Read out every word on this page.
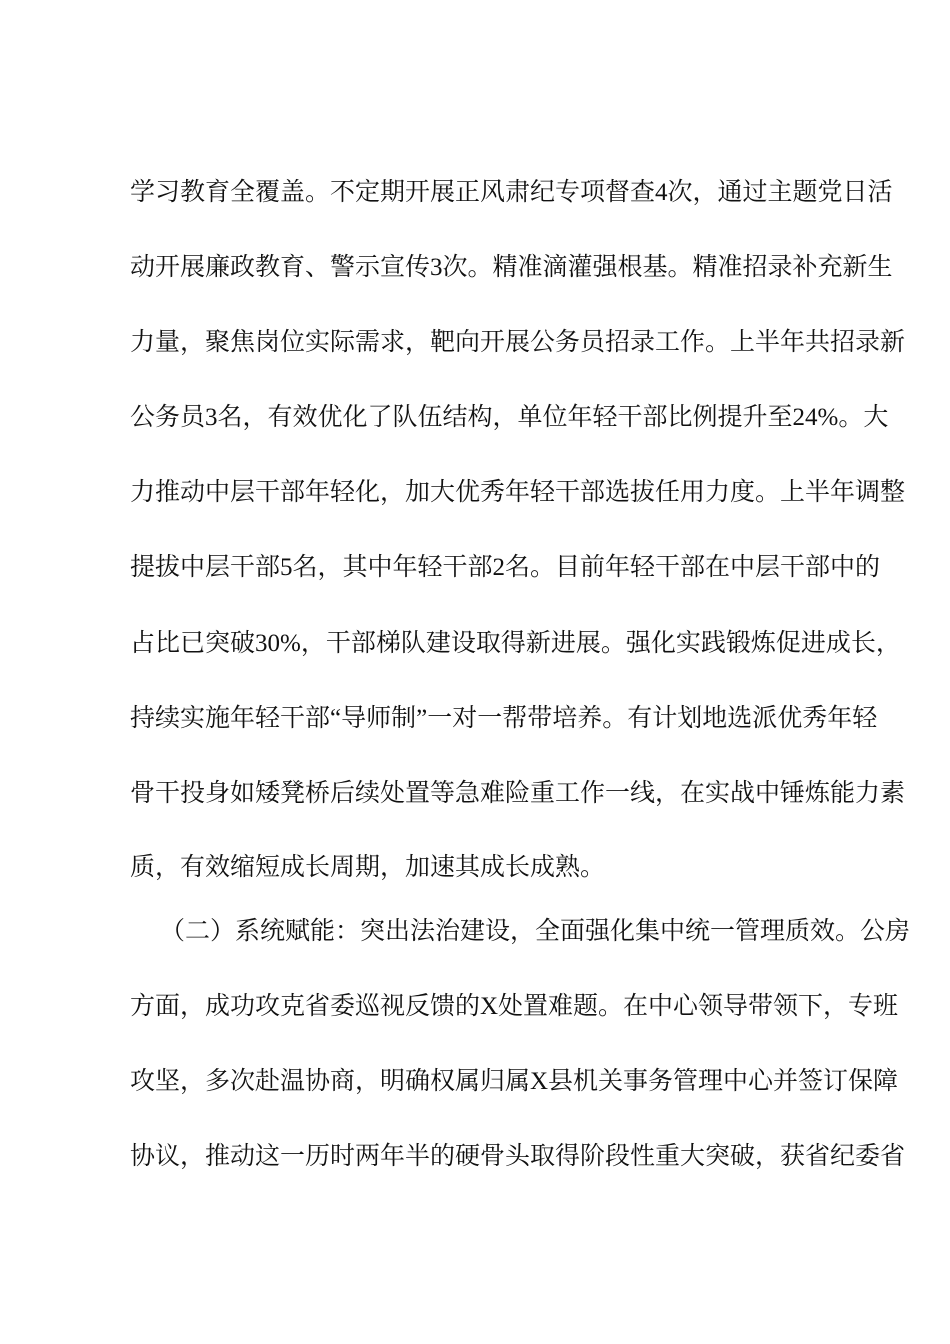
学习教育全覆盖。不定期开展正风肃纪专项督查4次，通过主题党日活
动开展廉政教育、警示宣传3次。精准滴灌强根基。精准招录补充新生
力量，聚焦岗位实际需求，靶向开展公务员招录工作。上半年共招录新
公务员3名，有效优化了队伍结构，单位年轻干部比例提升至24%。大
力推动中层干部年轻化，加大优秀年轻干部选拔任用力度。上半年调整
提拔中层干部5名，其中年轻干部2名。目前年轻干部在中层干部中的
占比已突破30%，干部梯队建设取得新进展。强化实践锻炼促进成长，
持续实施年轻干部“导师制”一对一帮带培养。有计划地选派优秀年轻
骨干投身如矮凳桥后续处置等急难险重工作一线，在实战中锤炼能力素
质，有效缩短成长周期，加速其成长成熟。
（二）系统赋能：突出法治建设，全面强化集中统一管理质效。公房
方面，成功攻克省委巡视反馈的X处置难题。在中心领导带领下，专班
攻坚，多次赴温协商，明确权属归属X县机关事务管理中心并签订保障
协议，推动这一历时两年半的硬骨头取得阶段性重大突破，获省纪委省
